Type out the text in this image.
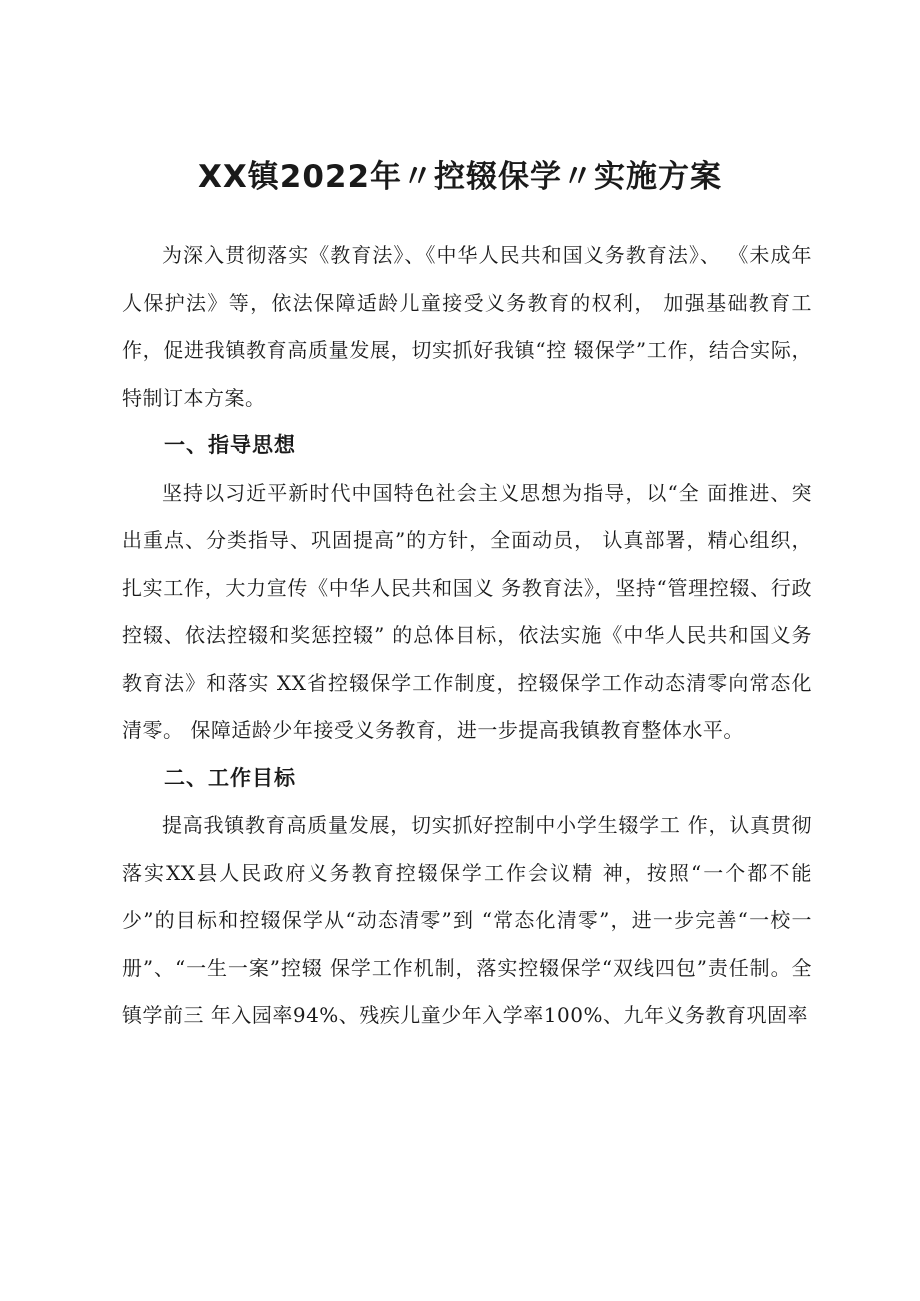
XX镇2022年〃控辍保学〃实施方案

为深入贯彻落实《教育法》、《中华人民共和国义务教育法》、 《未成年人保护法》等，依法保障适龄儿童接受义务教育的权利， 加强基础教育工作，促进我镇教育高质量发展，切实抓好我镇“控 辍保学”工作，结合实际，特制订本方案。

一、指导思想

坚持以习近平新时代中国特色社会主义思想为指导，以“全 面推进、突出重点、分类指导、巩固提高”的方针，全面动员， 认真部署，精心组织，扎实工作，大力宣传《中华人民共和国义 务教育法》，坚持“管理控辍、行政控辍、依法控辍和奖惩控辍” 的总体目标，依法实施《中华人民共和国义务教育法》和落实 XX省控辍保学工作制度，控辍保学工作动态清零向常态化清零。 保障适龄少年接受义务教育，进一步提高我镇教育整体水平。

二、工作目标

提高我镇教育高质量发展，切实抓好控制中小学生辍学工 作，认真贯彻落实XX县人民政府义务教育控辍保学工作会议精 神，按照“一个都不能少”的目标和控辍保学从“动态清零”到 “常态化清零”，进一步完善“一校一册”、“一生一案”控辍 保学工作机制，落实控辍保学“双线四包”责任制。全镇学前三 年入园率94%、残疾儿童少年入学率100%、九年义务教育巩固率
